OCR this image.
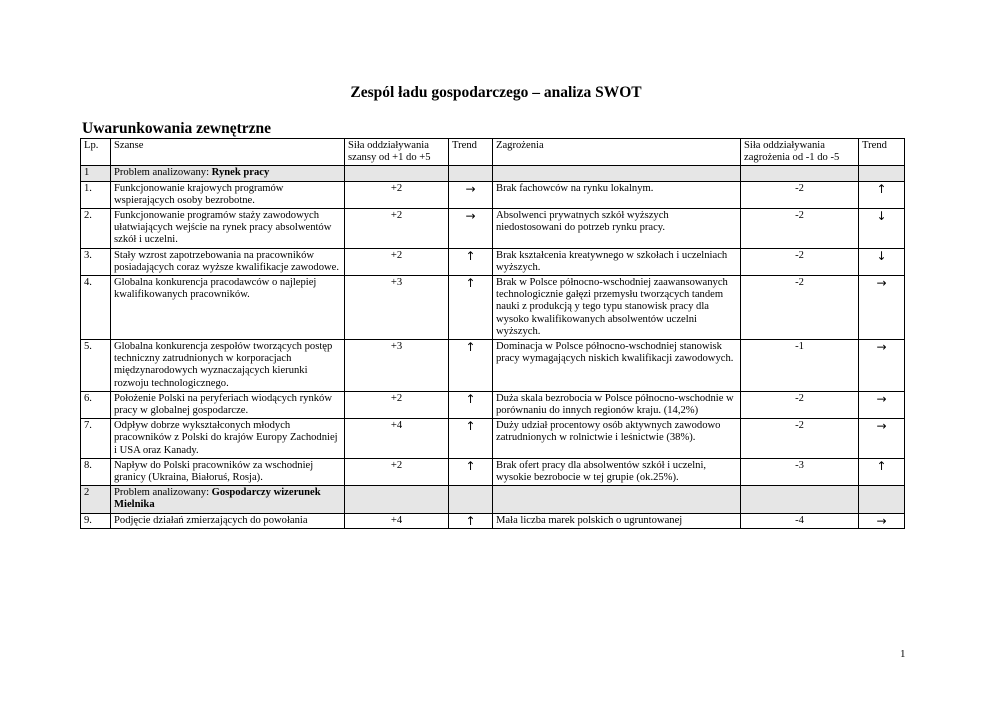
Zespól ładu gospodarczego – analiza SWOT
Uwarunkowania zewnętrzne
Lp.	Szanse	Siła oddziaływania szansy od +1 do +5	Trend	Zagrożenia	Siła oddziaływania zagrożenia od -1 do -5	Trend
1	Problem analizowany: Rynek pracy					
1.	Funkcjonowanie krajowych programów wspierających osoby bezrobotne.	+2	→	Brak fachowców na rynku lokalnym.	-2	↑
2.	Funkcjonowanie programów staży zawodowych ułatwiających wejście na rynek pracy absolwentów szkół i uczelni.	+2	→	Absolwenci prywatnych szkół wyższych niedostosowani do potrzeb rynku pracy.	-2	↓
3.	Stały wzrost zapotrzebowania na pracowników posiadających coraz wyższe kwalifikacje zawodowe.	+2	↑	Brak kształcenia kreatywnego w szkołach i uczelniach wyższych.	-2	↓
4.	Globalna konkurencja pracodawców o najlepiej kwalifikowanych pracowników.	+3	↑	Brak w Polsce północno-wschodniej zaawansowanych technologicznie gałęzi przemysłu tworzących tandem nauki z produkcją y tego typu stanowisk pracy dla wysoko kwalifikowanych absolwentów uczelni wyższych.	-2	→
5.	Globalna konkurencja zespołów tworzących postęp techniczny zatrudnionych w korporacjach międzynarodowych wyznaczających kierunki rozwoju technologicznego.	+3	↑	Dominacja w Polsce północno-wschodniej stanowisk pracy wymagających niskich kwalifikacji zawodowych.	-1	→
6.	Położenie Polski na peryferiach wiodących rynków pracy w globalnej gospodarcze.	+2	↑	Duża skala bezrobocia w Polsce północno-wschodnie w porównaniu do innych regionów kraju. (14,2%)	-2	→
7.	Odpływ dobrze wykształconych młodych pracowników z Polski do krajów Europy Zachodniej i USA oraz Kanady.	+4	↑	Duży udział procentowy osób aktywnych zawodowo zatrudnionych w rolnictwie i leśnictwie (38%).	-2	→
8.	Napływ do Polski pracowników za wschodniej granicy (Ukraina, Białoruś, Rosja).	+2	↑	Brak ofert pracy dla absolwentów szkół i uczelni, wysokie bezrobocie w tej grupie (ok.25%).	-3	↑
2	Problem analizowany: Gospodarczy wizerunek Mielnika					
9.	Podjęcie działań zmierzających do powołania	+4	↑	Mała liczba marek polskich o ugruntowanej	-4	→
1
